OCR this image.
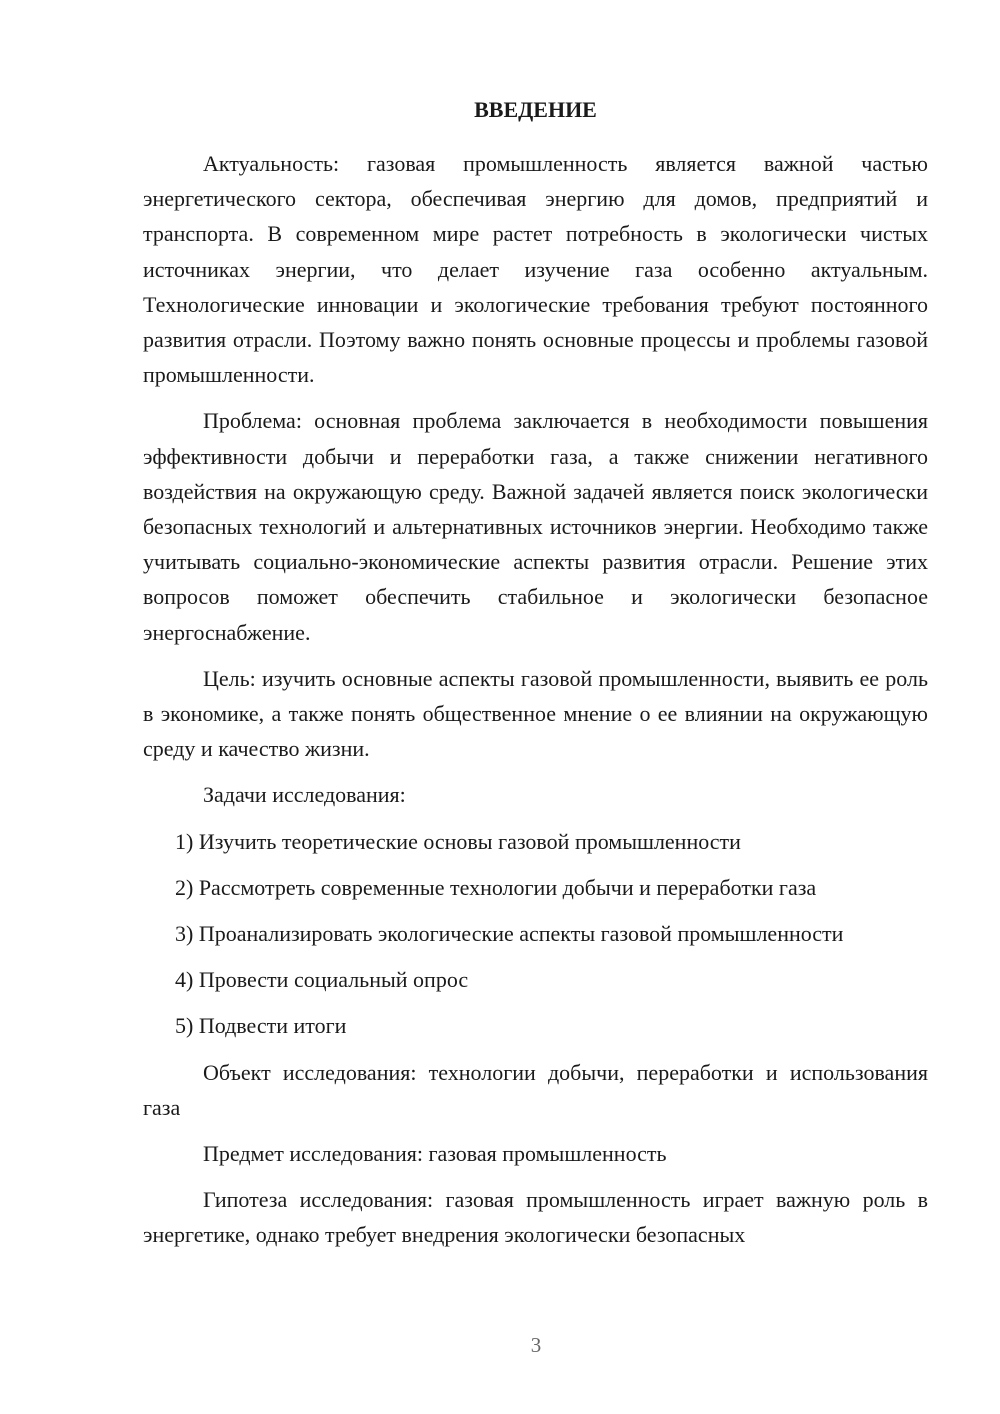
ВВЕДЕНИЕ

Актуальность: газовая промышленность является важной частью энергетического сектора, обеспечивая энергию для домов, предприятий и транспорта. В современном мире растет потребность в экологически чистых источниках энергии, что делает изучение газа особенно актуальным. Технологические инновации и экологические требования требуют постоянного развития отрасли. Поэтому важно понять основные процессы и проблемы газовой промышленности.

Проблема: основная проблема заключается в необходимости повышения эффективности добычи и переработки газа, а также снижении негативного воздействия на окружающую среду. Важной задачей является поиск экологически безопасных технологий и альтернативных источников энергии. Необходимо также учитывать социально-экономические аспекты развития отрасли. Решение этих вопросов поможет обеспечить стабильное и экологически безопасное энергоснабжение.

Цель: изучить основные аспекты газовой промышленности, выявить ее роль в экономике, а также понять общественное мнение о ее влиянии на окружающую среду и качество жизни.

Задачи исследования:

1) Изучить теоретические основы газовой промышленности

2) Рассмотреть современные технологии добычи и переработки газа

3) Проанализировать экологические аспекты газовой промышленности

4) Провести социальный опрос

5) Подвести итоги

Объект исследования: технологии добычи, переработки и использования газа

Предмет исследования: газовая промышленность

Гипотеза исследования: газовая промышленность играет важную роль в энергетике, однако требует внедрения экологически безопасных

3
